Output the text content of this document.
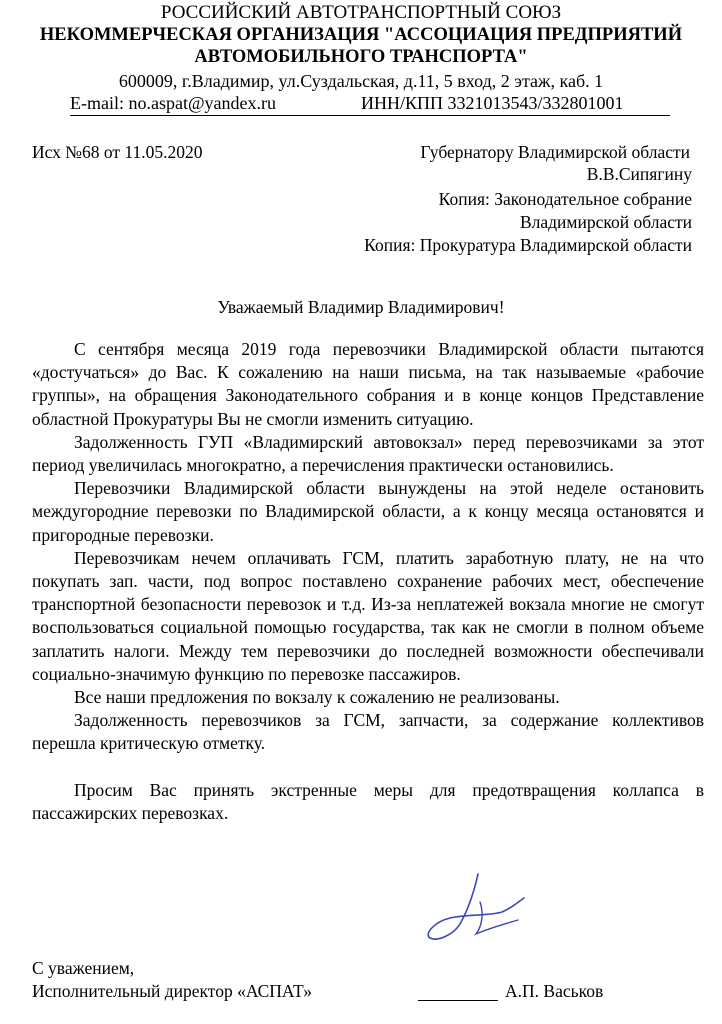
РОССИЙСКИЙ АВТОТРАНСПОРТНЫЙ СОЮЗ
НЕКОММЕРЧЕСКАЯ ОРГАНИЗАЦИЯ "АССОЦИАЦИЯ ПРЕДПРИЯТИЙ
АВТОМОБИЛЬНОГО ТРАНСПОРТА"
600009, г.Владимир, ул.Суздальская, д.11, 5 вход, 2 этаж, каб. 1
E-mail: no.aspat@yandex.ru	ИНН/КПП 3321013543/332801001

Исх №68 от 11.05.2020	Губернатору Владимирской области
В.В.Сипягину
Копия: Законодательное собрание
Владимирской области
Копия: Прокуратура Владимирской области
Уважаемый Владимир Владимирович!

С сентября месяца 2019 года перевозчики Владимирской области пытаются «достучаться» до Вас. К сожалению на наши письма, на так называемые «рабочие группы», на обращения Законодательного собрания и в конце концов Представление областной Прокуратуры Вы не смогли изменить ситуацию.

Задолженность ГУП «Владимирский автовокзал» перед перевозчиками за этот период увеличилась многократно, а перечисления практически остановились.

Перевозчики Владимирской области вынуждены на этой неделе остановить междугородние перевозки по Владимирской области, а к концу месяца остановятся и пригородные перевозки.

Перевозчикам нечем оплачивать ГСМ, платить заработную плату, не на что покупать зап. части, под вопрос поставлено сохранение рабочих мест, обеспечение транспортной безопасности перевозок и т.д. Из-за неплатежей вокзала многие не смогут воспользоваться социальной помощью государства, так как не смогли в полном объеме заплатить налоги. Между тем перевозчики до последней возможности обеспечивали социально-значимую функцию по перевозке пассажиров.

Все наши предложения по вокзалу к сожалению не реализованы.

Задолженность перевозчиков за ГСМ, запчасти, за содержание коллективов перешла критическую отметку.

Просим Вас принять экстренные меры для предотвращения коллапса в пассажирских перевозках.

С уважением,
Исполнительный директор «АСПАТ»	А.П. Васьков
